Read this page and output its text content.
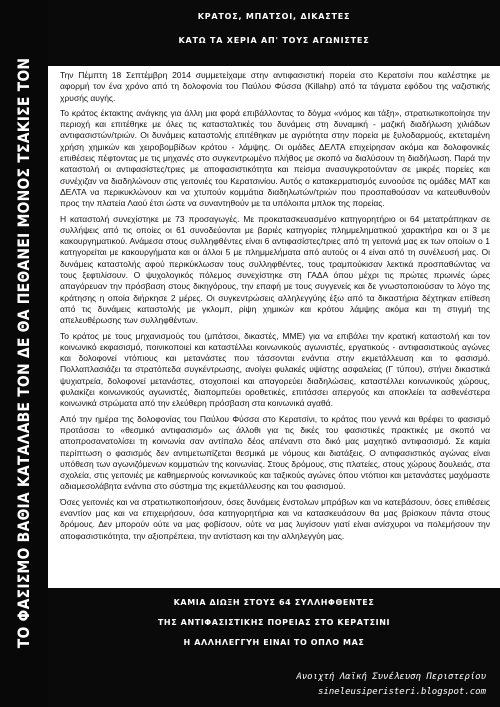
ΤΟ ΦΑΣΙΣΜΟ ΒΑΘΙΑ ΚΑΤΑΛΑΒΕ ΤΟΝ ΔΕ ΘΑ ΠΕΘΑΝΕΙ ΜΟΝΟΣ ΤΣΑΚΙΣΕ ΤΟΝ
ΚΡΑΤΟΣ, ΜΠΑΤΣΟΙ, ΔΙΚΑΣΤΕΣ
ΚΑΤΩ ΤΑ ΧΕΡΙΑ ΑΠ' ΤΟΥΣ ΑΓΩΝΙΣΤΕΣ

Την Πέμπτη 18 Σεπτέμβρη 2014 συμμετείχαμε στην αντιφασιστική πορεία στο Κερατσίνι που καλέστηκε με αφορμή τον ένα χρόνο από τη δολοφονία του Παύλου Φύσσα (Killahp) από τα τάγματα εφόδου της ναζιστικής χρυσής αυγής.

Το κράτος έκτακτης ανάγκης για άλλη μια φορά επιβάλλοντας το δόγμα «νόμος και τάξη», στρατιωτικοποίησε την περιοχή και επιτέθηκε με όλες τις κατασταλτικές του δυνάμεις στη δυναμική - μαζική διαδήλωση χιλιάδων αντιφασιστών/τριών. Οι δυνάμεις καταστολής επιτέθηκαν με αγριότητα στην πορεία με ξυλοδαρμούς, εκτεταμένη χρήση χημικών και χειροβομβίδων κρότου - λάμψης. Οι ομάδες ΔΕΛΤΑ επιχείρησαν ακόμα και δολοφονικές επιθέσεις πέφτοντας με τις μηχανές στο συγκεντρωμένο πλήθος με σκοπό να διαλύσουν τη διαδήλωση. Παρά την καταστολή οι αντιφασίστες/τριες με αποφασιστικότητα και πείσμα ανασυγκροτούνταν σε μικρές πορείες και συνέχιζαν να διαδηλώνουν στις γειτονιές του Κερατσινίου. Αυτός ο κατακερματισμός ευνοούσε τις ομάδες ΜΑΤ και ΔΕΛΤΑ να περικυκλώνουν και να χτυπούν κομμάτια διαδηλωτών/τριών που προσπαθούσαν να κατευθυνθούν προς την πλατεία Λαού έτσι ώστε να συναντηθούν με τα υπόλοιπα μπλοκ της πορείας.

Η καταστολή συνεχίστηκε με 73 προσαγωγές. Με προκατασκευασμένο κατηγορητήριο οι 64 μετατράπηκαν σε συλλήψεις από τις οποίες οι 61 συνοδεύονται με βαριές κατηγορίες πλημμεληματικού χαρακτήρα και οι 3 με κακουργηματικού. Ανάμεσα στους συλληφθέντες είναι 6 αντιφασίστες/τριες από τη γειτονιά μας εκ των οποίων ο 1 κατηγορείται με κακουργήματα και οι άλλοι 5 με πλημμελήματα από αυτούς οι 4 είναι από τη συνέλευσή μας. Οι δυνάμεις καταστολής αφού περικύκλωσαν τους συλληφθέντες, τους τραμπούκισαν λεκτικά προσπαθώντας να τους ξεφτιλίσουν. Ο ψυχολογικός πόλεμος συνεχίστηκε στη ΓΑΔΑ όπου μέχρι τις πρώτες πρωινές ώρες απαγόρευαν την πρόσβαση στους δικηγόρους, την επαφή με τους συγγενείς και δε γνωστοποιούσαν το λόγο της κράτησης η οποία διήρκησε 2 μέρες. Οι συγκεντρώσεις αλληλεγγύης έξω από τα δικαστήρια δέχτηκαν επίθεση από τις δυνάμεις καταστολής με γκλομπ, ρίψη χημικών και κρότου λάμψης ακόμα και τη στιγμή της απελευθέρωσης των συλληφθέντων.

Το κράτος με τους μηχανισμούς του (μπάτσοι, δικαστές, ΜΜΕ) για να επιβάλει την κρατική καταστολή και τον κοινωνικό εκφασισμό, ποινικοποιεί και καταστέλλει κοινωνικούς αγωνιστές, εργατικούς - αντιφασιστικούς αγώνες και δολοφονεί ντόπιους και μετανάστες που τάσσονται ενάντια στην εκμετάλλευση και το φασισμό. Πολλαπλασιάζει τα στρατόπεδα συγκέντρωσης, ανοίγει φυλακές υψίστης ασφαλείας (Γ τύπου), στήνει δικαστικά ψυχιατρεία, δολοφονεί μετανάστες, στοχοποιεί και απαγορεύει διαδηλώσεις, καταστέλλει κοινωνικούς χώρους, φυλακίζει κοινωνικούς αγωνιστές, διαπομπεύει οροθετικές, επιτάσσει απεργούς και αποκλείει τα ασθενέστερα κοινωνικά στρώματα από την ελεύθερη πρόσβαση στα κοινωνικά αγαθά.

Από την ημέρα της δολοφονίας του Παύλου Φύσσα στο Κερατσίνι, το κράτος που γεννά και θρέφει το φασισμό προτάσσει το «θεσμικό αντιφασισμό» ως άλλοθι για τις δικές του φασιστικές πρακτικές με σκοπό να αποπροσανατολίσει τη κοινωνία σαν αντίπαλο δέος απέναντι στο δικό μας μαχητικό αντιφασισμό. Σε καμία περίπτωση ο φασισμός δεν αντιμετωπίζεται θεσμικά με νόμους και διατάξεις. Ο αντιφασιστικός αγώνας είναι υπόθεση των αγωνιζόμενων κομματιών της κοινωνίας. Στους δρόμους, στις πλατείες, στους χώρους δουλειάς, στα σχολεία, στις γειτονιές με καθημερινούς κοινωνικούς και ταξικούς αγώνες όπου ντόπιοι και μετανάστες μαχόμαστε αδιαμεσολάβητα ενάντια στο σύστημα της εκμετάλλευσης και του φασισμού.

Όσες γειτονιές και να στρατιωτικοποιήσουν, όσες δυνάμεις ένστολων μπράβων και να κατεβάσουν, όσες επιθέσεις εναντίον μας και να επιχειρήσουν, όσα κατηγορητήρια και να κατασκευάσουν θα μας βρίσκουν πάντα στους δρόμους. Δεν μπορούν ούτε να μας φοβίσουν, ούτε να μας λυγίσουν γιατί είναι ανίσχυροι να πολεμήσουν την αποφασιστικότητα, την αξιοπρέπεια, την αντίσταση και την αλληλεγγύη μας.

ΚΑΜΙΑ ΔΙΩΞΗ ΣΤΟΥΣ 64 ΣΥΛΛΗΦΘΕΝΤΕΣ
ΤΗΣ ΑΝΤΙΦΑΣΙΣΤΙΚΗΣ ΠΟΡΕΙΑΣ ΣΤΟ ΚΕΡΑΤΣΙΝΙ
Η ΑΛΛΗΛΕΓΓΥΗ ΕΙΝΑΙ ΤΟ ΟΠΛΟ ΜΑΣ
Ανοιχτή Λαϊκή Συνέλευση Περιστερίου
sineleusiperisteri.blogspot.com
